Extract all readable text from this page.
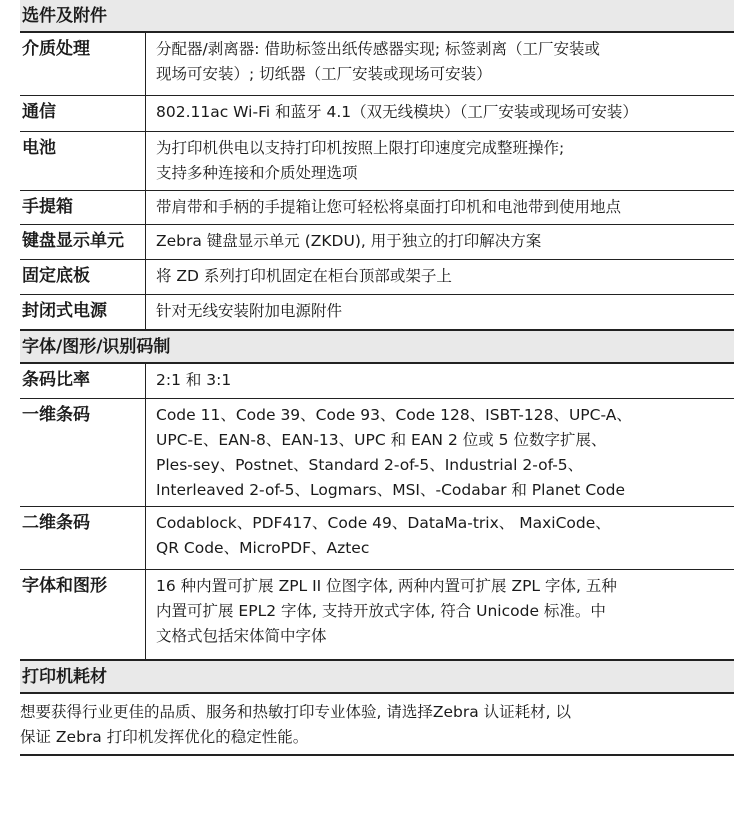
选件及附件
介质处理	分配器/剥离器: 借助标签出纸传感器实现; 标签剥离（工厂安装或
现场可安装）; 切纸器（工厂安装或现场可安装）
通信	802.11ac Wi-Fi 和蓝牙 4.1（双无线模块）（工厂安装或现场可安装）
电池	为打印机供电以支持打印机按照上限打印速度完成整班操作;
支持多种连接和介质处理选项
手提箱	带肩带和手柄的手提箱让您可轻松将桌面打印机和电池带到使用地点
键盘显示单元	Zebra 键盘显示单元 (ZKDU), 用于独立的打印解决方案
固定底板	将 ZD 系列打印机固定在柜台顶部或架子上
封闭式电源	针对无线安装附加电源附件
字体/图形/识别码制
条码比率	2:1 和 3:1
一维条码	Code 11、Code 39、Code 93、Code 128、ISBT-128、UPC-A、
UPC-E、EAN-8、EAN-13、UPC 和 EAN 2 位或 5 位数字扩展、
Ples-sey、Postnet、Standard 2-of-5、Industrial 2-of-5、
Interleaved 2-of-5、Logmars、MSI、-Codabar 和 Planet Code
二维条码	Codablock、PDF417、Code 49、DataMa-trix、 MaxiCode、
QR Code、MicroPDF、Aztec
字体和图形	16 种内置可扩展 ZPL II 位图字体, 两种内置可扩展 ZPL 字体, 五种
内置可扩展 EPL2 字体, 支持开放式字体, 符合 Unicode 标准。中
文格式包括宋体简中字体
打印机耗材
想要获得行业更佳的品质、服务和热敏打印专业体验, 请选择Zebra 认证耗材, 以
保证 Zebra 打印机发挥优化的稳定性能。
